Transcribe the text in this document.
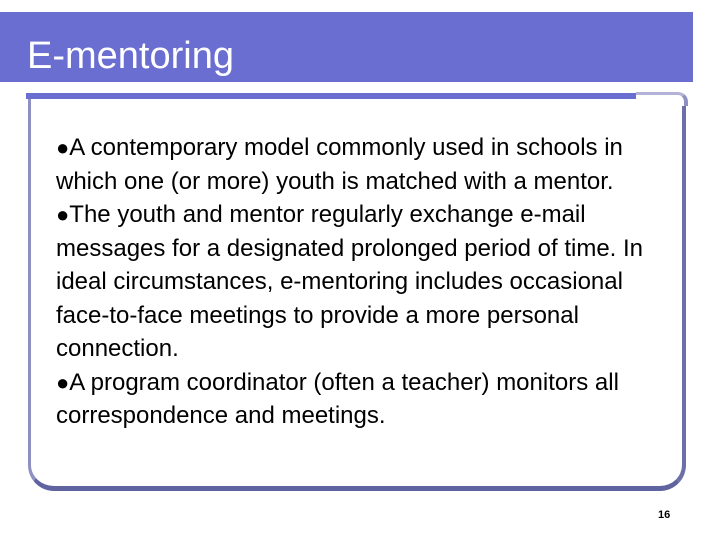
E-mentoring

●A contemporary model commonly used in schools in which one (or more) youth is matched with a mentor.

●The youth and mentor regularly exchange e-mail messages for a designated prolonged period of time. In ideal circumstances, e-mentoring includes occasional face-to-face meetings to provide a more personal connection.

●A program coordinator (often a teacher) monitors all correspondence and meetings.

16
